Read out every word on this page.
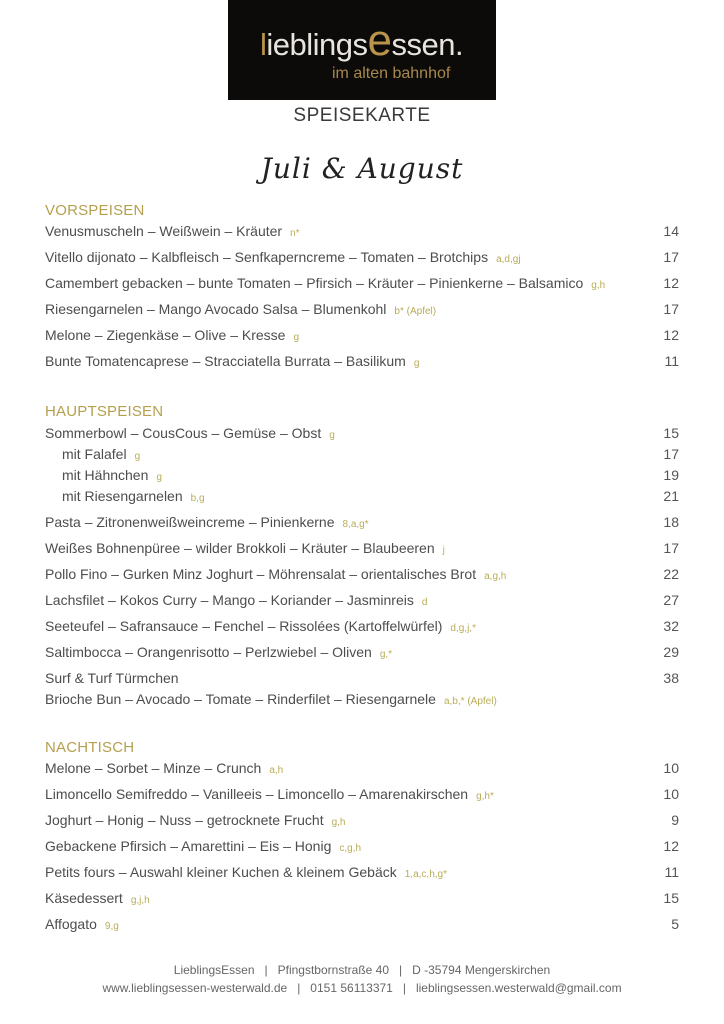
lieblingsessen.
im alten bahnhof
SPEISEKARTE
Juli & August
VORSPEISEN
Venusmuscheln – Weißwein – Kräuter n*	14
Vitello dijonato – Kalbfleisch – Senfkaperncreme – Tomaten – Brotchips a,d,gj	17
Camembert gebacken – bunte Tomaten – Pfirsich – Kräuter – Pinienkerne – Balsamico g,h	12
Riesengarnelen – Mango Avocado Salsa – Blumenkohl b* (Apfel)	17
Melone – Ziegenkäse – Olive – Kresse g	12
Bunte Tomatencaprese – Stracciatella Burrata – Basilikum g	11
HAUPTSPEISEN
Sommerbowl – CousCous – Gemüse – Obst g	15
mit Falafel g	17
mit Hähnchen g	19
mit Riesengarnelen b,g	21
Pasta – Zitronenweißweincreme – Pinienkerne 8,a,g*	18
Weißes Bohnenpüree – wilder Brokkoli – Kräuter – Blaubeeren j	17
Pollo Fino – Gurken Minz Joghurt – Möhrensalat – orientalisches Brot a,g,h	22
Lachsfilet – Kokos Curry – Mango – Koriander – Jasminreis d	27
Seeteufel – Safransauce – Fenchel – Rissolées (Kartoffelwürfel) d,g,j,*	32
Saltimbocca – Orangenrisotto – Perlzwiebel – Oliven g,*	29
Surf & Turf Türmchen	38
Brioche Bun – Avocado – Tomate – Rinderfilet – Riesengarnele a,b,* (Apfel)
NACHTISCH
Melone – Sorbet – Minze – Crunch a,h	10
Limoncello Semifreddo – Vanilleeis – Limoncello – Amarenakirschen g,h*	10
Joghurt – Honig – Nuss – getrocknete Frucht g,h	9
Gebackene Pfirsich – Amarettini – Eis – Honig c,g,h	12
Petits fours – Auswahl kleiner Kuchen & kleinem Gebäck 1,a,c,h,g*	11
Käsedessert g,j,h	15
Affogato 9,g	5
LieblingsEssen   |   Pfingstbornstraße 40   |   D -35794 Mengerskirchen
www.lieblingsessen-westerwald.de   |   0151 56113371   |   lieblingsessen.westerwald@gmail.com
